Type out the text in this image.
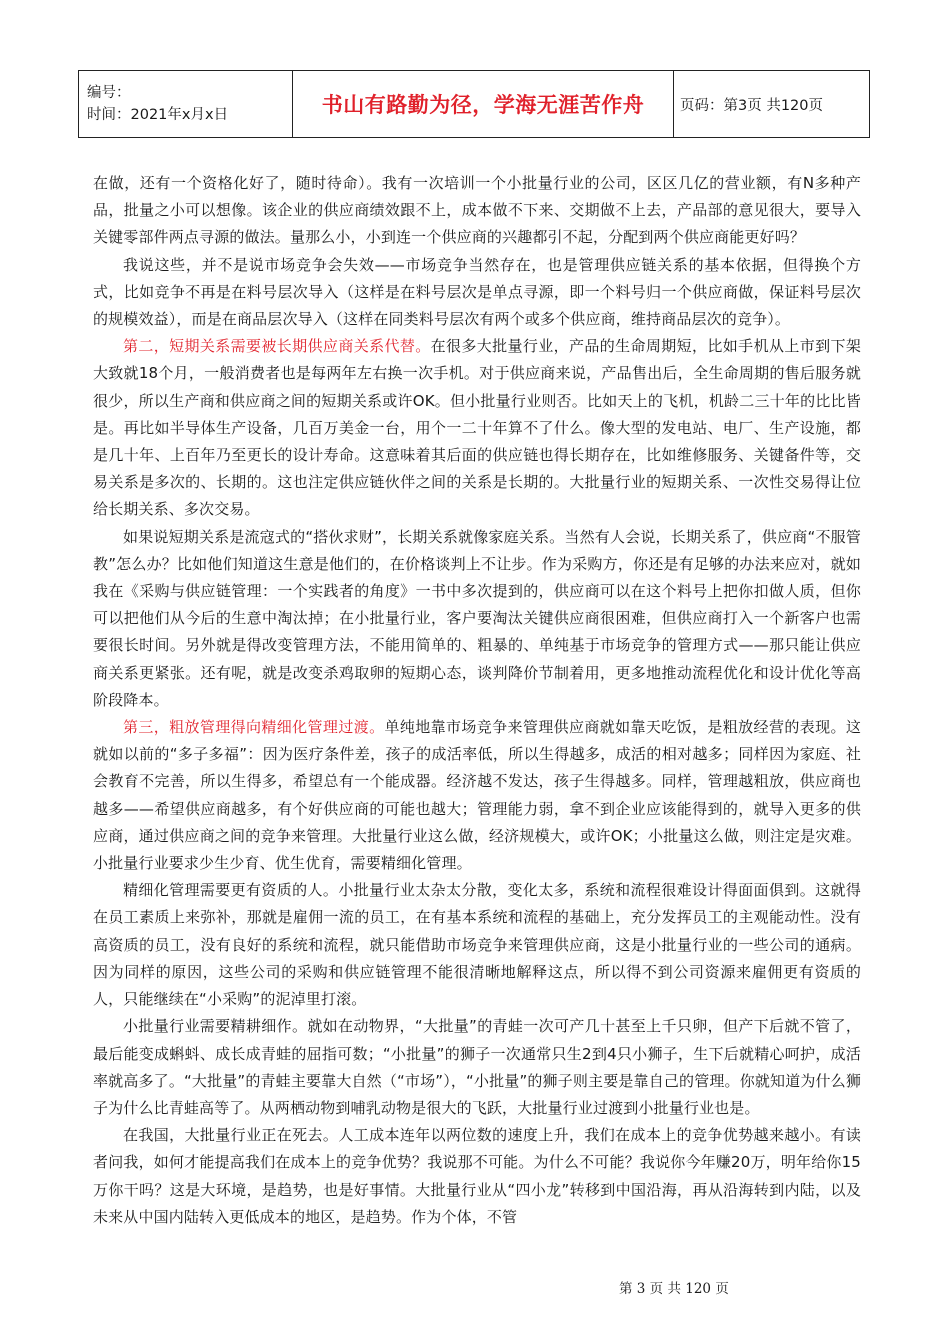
编号：
时间：2021年x月x日	书山有路勤为径，学海无涯苦作舟	页码：第3页 共120页

在做，还有一个资格化好了，随时待命）。我有一次培训一个小批量行业的公司，区区几亿的营业额，有N多种产品，批量之小可以想像。该企业的供应商绩效跟不上，成本做不下来、交期做不上去，产品部的意见很大，要导入关键零部件两点寻源的做法。量那么小，小到连一个供应商的兴趣都引不起，分配到两个供应商能更好吗？

我说这些，并不是说市场竞争会失效——市场竞争当然存在，也是管理供应链关系的基本依据，但得换个方式，比如竞争不再是在料号层次导入（这样是在料号层次是单点寻源，即一个料号归一个供应商做，保证料号层次的规模效益），而是在商品层次导入（这样在同类料号层次有两个或多个供应商，维持商品层次的竞争）。

第二，短期关系需要被长期供应商关系代替。在很多大批量行业，产品的生命周期短，比如手机从上市到下架大致就18个月，一般消费者也是每两年左右换一次手机。对于供应商来说，产品售出后，全生命周期的售后服务就很少，所以生产商和供应商之间的短期关系或许OK。但小批量行业则否。比如天上的飞机，机龄二三十年的比比皆是。再比如半导体生产设备，几百万美金一台，用个一二十年算不了什么。像大型的发电站、电厂、生产设施，都是几十年、上百年乃至更长的设计寿命。这意味着其后面的供应链也得长期存在，比如维修服务、关键备件等，交易关系是多次的、长期的。这也注定供应链伙伴之间的关系是长期的。大批量行业的短期关系、一次性交易得让位给长期关系、多次交易。

如果说短期关系是流寇式的“搭伙求财”，长期关系就像家庭关系。当然有人会说，长期关系了，供应商“不服管教”怎么办？比如他们知道这生意是他们的，在价格谈判上不让步。作为采购方，你还是有足够的办法来应对，就如我在《采购与供应链管理：一个实践者的角度》一书中多次提到的，供应商可以在这个料号上把你扣做人质，但你可以把他们从今后的生意中淘汰掉；在小批量行业，客户要淘汰关键供应商很困难，但供应商打入一个新客户也需要很长时间。另外就是得改变管理方法，不能用简单的、粗暴的、单纯基于市场竞争的管理方式——那只能让供应商关系更紧张。还有呢，就是改变杀鸡取卵的短期心态，谈判降价节制着用，更多地推动流程优化和设计优化等高阶段降本。

第三，粗放管理得向精细化管理过渡。单纯地靠市场竞争来管理供应商就如靠天吃饭，是粗放经营的表现。这就如以前的“多子多福”：因为医疗条件差，孩子的成活率低，所以生得越多，成活的相对越多；同样因为家庭、社会教育不完善，所以生得多，希望总有一个能成器。经济越不发达，孩子生得越多。同样，管理越粗放，供应商也越多——希望供应商越多，有个好供应商的可能也越大；管理能力弱，拿不到企业应该能得到的，就导入更多的供应商，通过供应商之间的竞争来管理。大批量行业这么做，经济规模大，或许OK；小批量这么做，则注定是灾难。小批量行业要求少生少育、优生优育，需要精细化管理。

精细化管理需要更有资质的人。小批量行业太杂太分散，变化太多，系统和流程很难设计得面面俱到。这就得在员工素质上来弥补，那就是雇佣一流的员工，在有基本系统和流程的基础上，充分发挥员工的主观能动性。没有高资质的员工，没有良好的系统和流程，就只能借助市场竞争来管理供应商，这是小批量行业的一些公司的通病。因为同样的原因，这些公司的采购和供应链管理不能很清晰地解释这点，所以得不到公司资源来雇佣更有资质的人，只能继续在“小采购”的泥淖里打滚。

小批量行业需要精耕细作。就如在动物界，“大批量”的青蛙一次可产几十甚至上千只卵，但产下后就不管了，最后能变成蝌蚪、成长成青蛙的屈指可数；“小批量”的狮子一次通常只生2到4只小狮子，生下后就精心呵护，成活率就高多了。“大批量”的青蛙主要靠大自然（“市场”），“小批量”的狮子则主要是靠自己的管理。你就知道为什么狮子为什么比青蛙高等了。从两栖动物到哺乳动物是很大的飞跃，大批量行业过渡到小批量行业也是。

在我国，大批量行业正在死去。人工成本连年以两位数的速度上升，我们在成本上的竞争优势越来越小。有读者问我，如何才能提高我们在成本上的竞争优势？我说那不可能。为什么不可能？我说你今年赚20万，明年给你15万你干吗？这是大环境，是趋势，也是好事情。大批量行业从“四小龙”转移到中国沿海，再从沿海转到内陆，以及未来从中国内陆转入更低成本的地区，是趋势。作为个体，不管

第 3 页 共 120 页
